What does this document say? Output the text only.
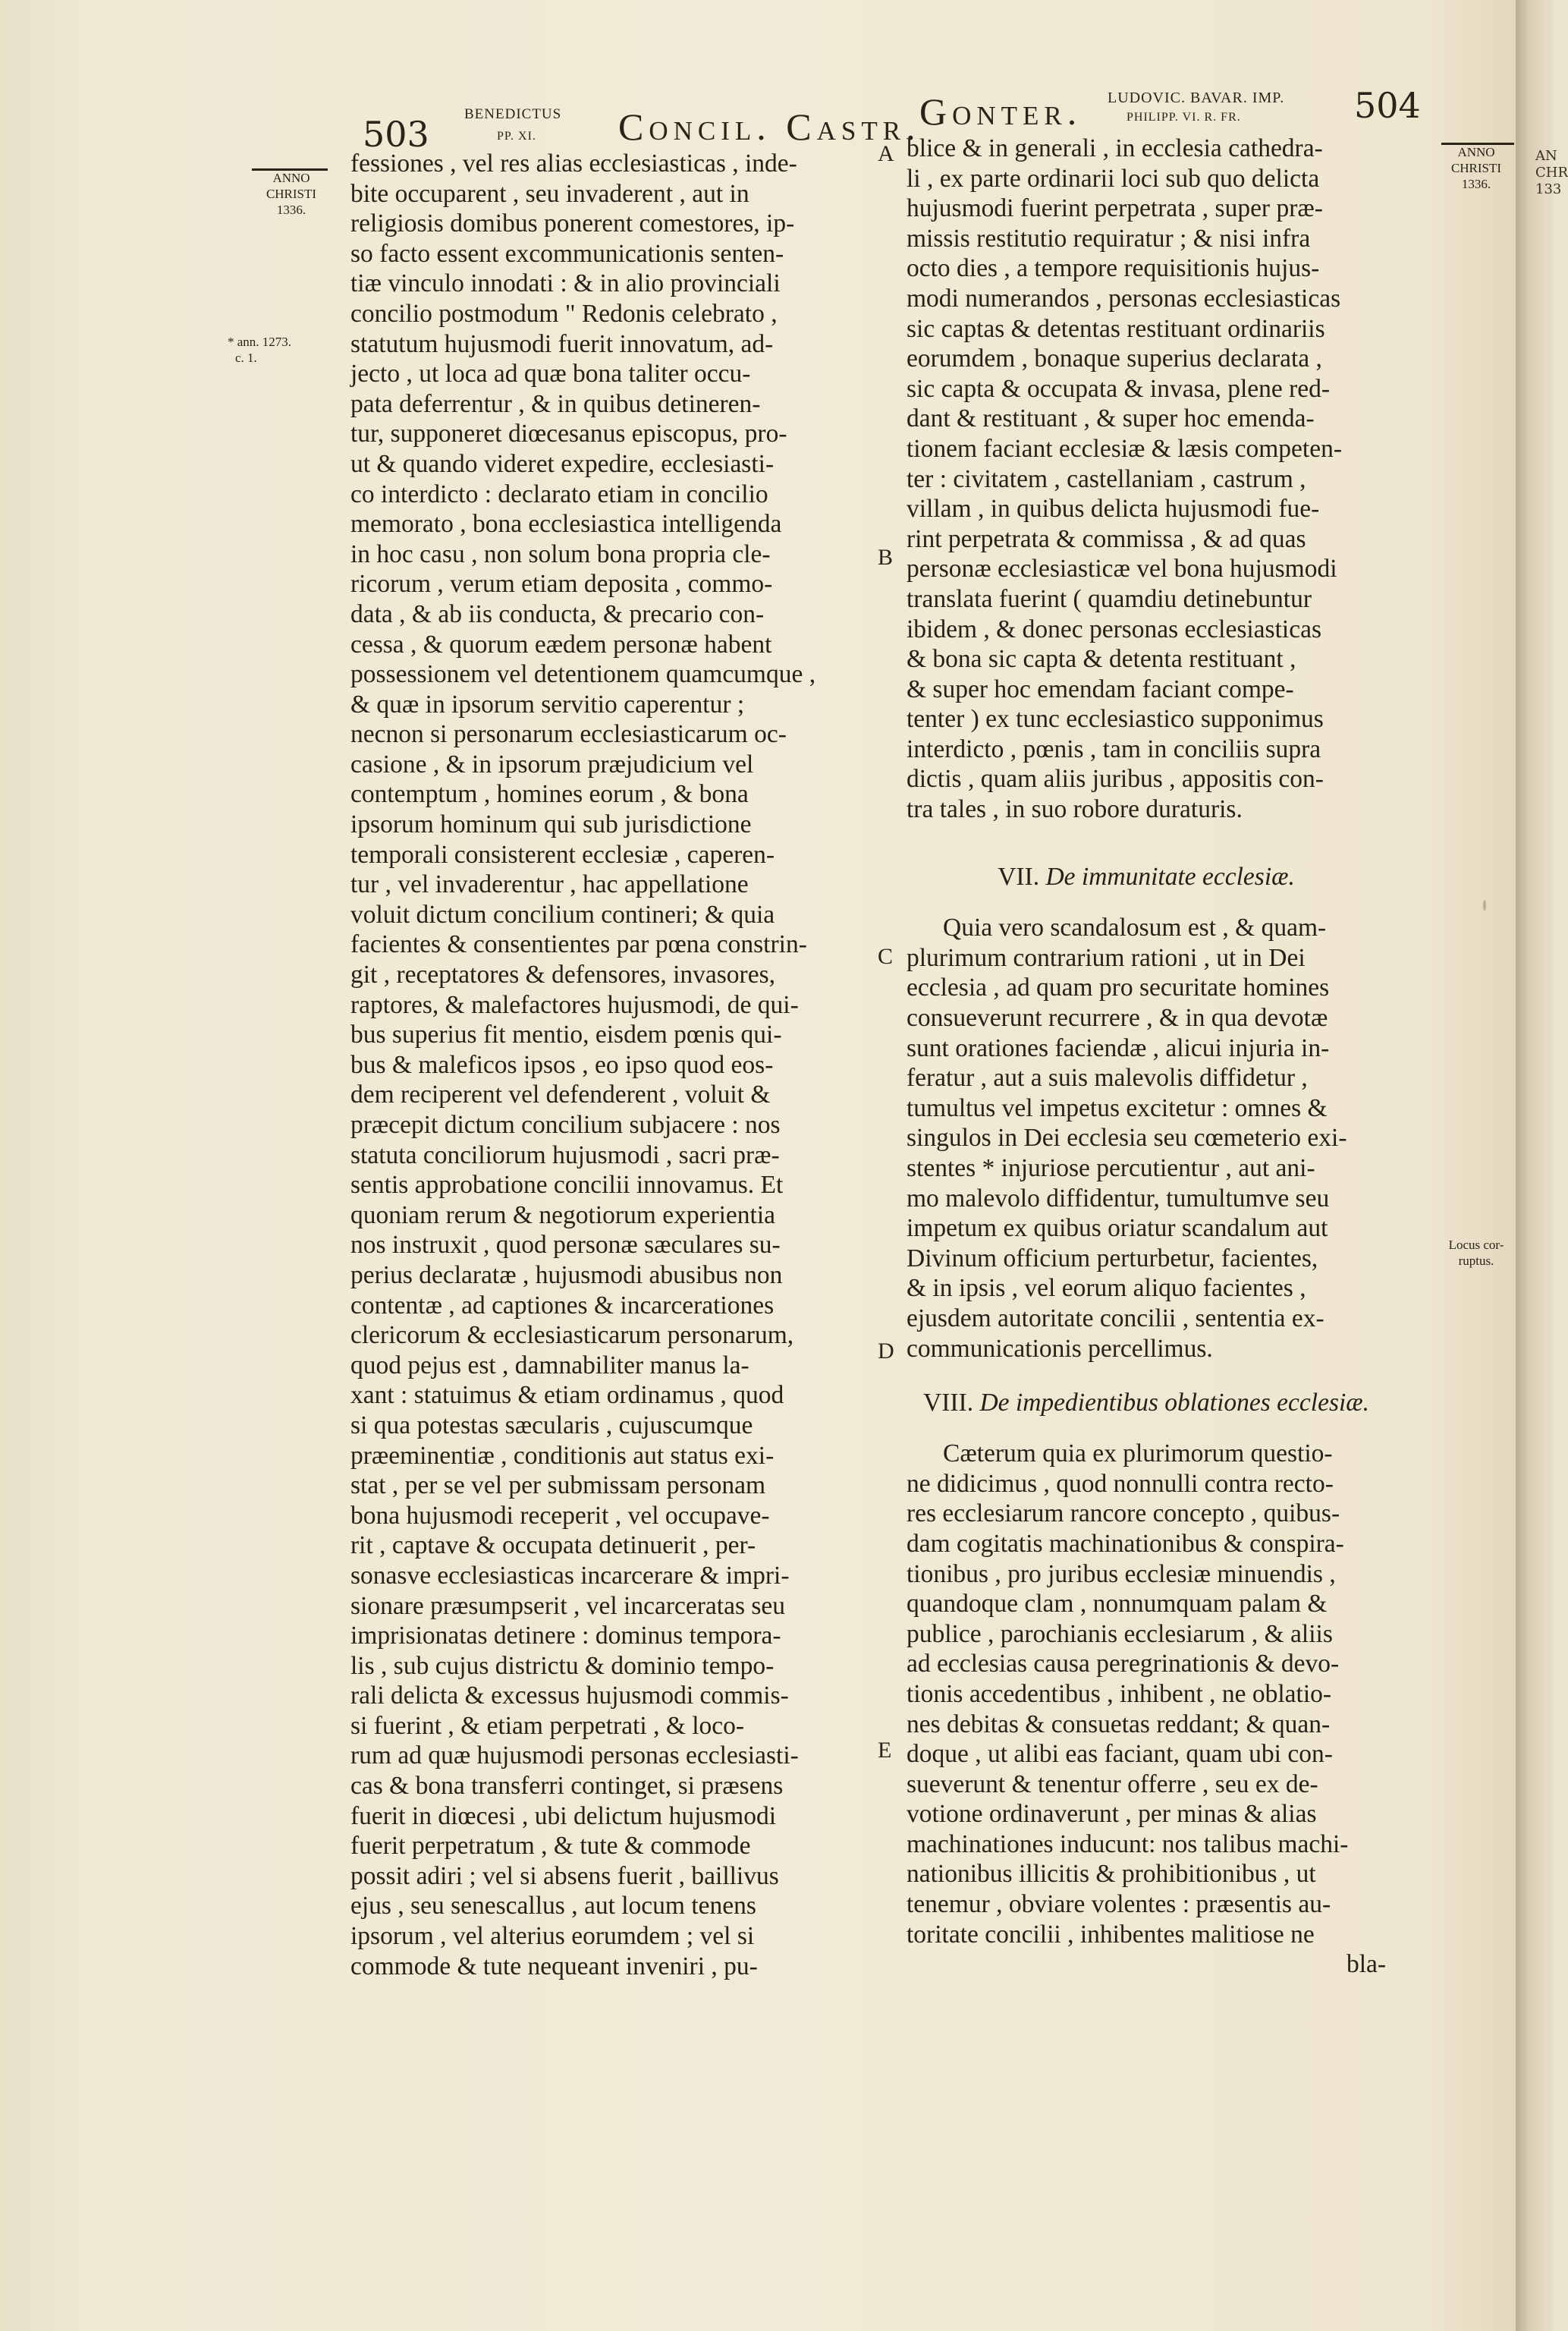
503 BENEDICTUS
PP. XI. Concil. Castr.
Gonter. LUDOVIC. BAVAR. IMP.
PHILIPP. VI. R. FR.	504
ANNO
CHRISTI
1336.
* ann. 1273.
c. 1.
ANNO
CHRISTI
1336.
Locus cor-
ruptus.
A
B
C
D
E
fessiones , vel res alias ecclesiasticas , inde-
bite occuparent , seu invaderent , aut in
religiosis domibus ponerent comestores, ip-
so facto essent excommunicationis senten-
tiæ vinculo innodati : & in alio provinciali
concilio postmodum " Redonis celebrato ,
statutum hujusmodi fuerit innovatum, ad-
jecto , ut loca ad quæ bona taliter occu-
pata deferrentur , & in quibus detineren-
tur, supponeret diœcesanus episcopus, pro-
ut & quando videret expedire, ecclesiasti-
co interdicto : declarato etiam in concilio
memorato , bona ecclesiastica intelligenda
in hoc casu , non solum bona propria cle-
ricorum , verum etiam deposita , commo-
data , & ab iis conducta, & precario con-
cessa , & quorum eædem personæ habent
possessionem vel detentionem quamcumque ,
& quæ in ipsorum servitio caperentur ;
necnon si personarum ecclesiasticarum oc-
casione , & in ipsorum præjudicium vel
contemptum , homines eorum , & bona
ipsorum hominum qui sub jurisdictione
temporali consisterent ecclesiæ , caperen-
tur , vel invaderentur , hac appellatione
voluit dictum concilium contineri; & quia
facientes & consentientes par pœna constrin-
git , receptatores & defensores, invasores,
raptores, & malefactores hujusmodi, de qui-
bus superius fit mentio, eisdem pœnis qui-
bus & maleficos ipsos , eo ipso quod eos-
dem reciperent vel defenderent , voluit &
præcepit dictum concilium subjacere : nos
statuta conciliorum hujusmodi , sacri præ-
sentis approbatione concilii innovamus. Et
quoniam rerum & negotiorum experientia
nos instruxit , quod personæ sæculares su-
perius declaratæ , hujusmodi abusibus non
contentæ , ad captiones & incarcerationes
clericorum & ecclesiasticarum personarum,
quod pejus est , damnabiliter manus la-
xant : statuimus & etiam ordinamus , quod
si qua potestas sæcularis , cujuscumque
præeminentiæ , conditionis aut status exi-
stat , per se vel per submissam personam
bona hujusmodi receperit , vel occupave-
rit , captave & occupata detinuerit , per-
sonasve ecclesiasticas incarcerare & impri-
sionare præsumpserit , vel incarceratas seu
imprisionatas detinere : dominus tempora-
lis , sub cujus districtu & dominio tempo-
rali delicta & excessus hujusmodi commis-
si fuerint , & etiam perpetrati , & loco-
rum ad quæ hujusmodi personas ecclesiasti-
cas & bona transferri continget, si præsens
fuerit in diœcesi , ubi delictum hujusmodi
fuerit perpetratum , & tute & commode
possit adiri ; vel si absens fuerit , baillivus
ejus , seu senescallus , aut locum tenens
ipsorum , vel alterius eorumdem ; vel si
commode & tute nequeant inveniri , pu-
blice & in generali , in ecclesia cathedra-
li , ex parte ordinarii loci sub quo delicta
hujusmodi fuerint perpetrata , super præ-
missis restitutio requiratur ; & nisi infra
octo dies , a tempore requisitionis hujus-
modi numerandos , personas ecclesiasticas
sic captas & detentas restituant ordinariis
eorumdem , bonaque superius declarata ,
sic capta & occupata & invasa, plene red-
dant & restituant , & super hoc emenda-
tionem faciant ecclesiæ & læsis competen-
ter : civitatem , castellaniam , castrum ,
villam , in quibus delicta hujusmodi fue-
rint perpetrata & commissa , & ad quas
personæ ecclesiasticæ vel bona hujusmodi
translata fuerint ( quamdiu detinebuntur
ibidem , & donec personas ecclesiasticas
& bona sic capta & detenta restituant ,
& super hoc emendam faciant compe-
tenter ) ex tunc ecclesiastico supponimus
interdicto , pœnis , tam in conciliis supra
dictis , quam aliis juribus , appositis con-
tra tales , in suo robore duraturis.
VII. De immunitate ecclesiæ.
Quia vero scandalosum est , & quam-
plurimum contrarium rationi , ut in Dei
ecclesia , ad quam pro securitate homines
consueverunt recurrere , & in qua devotæ
sunt orationes faciendæ , alicui injuria in-
feratur , aut a suis malevolis diffidetur ,
tumultus vel impetus excitetur : omnes &
singulos in Dei ecclesia seu cœmeterio exi-
stentes * injuriose percutientur , aut ani-
mo malevolo diffidentur, tumultumve seu
impetum ex quibus oriatur scandalum aut
Divinum officium perturbetur, facientes,
& in ipsis , vel eorum aliquo facientes ,
ejusdem autoritate concilii , sententia ex-
communicationis percellimus.
VIII. De impedientibus oblationes ecclesiæ.
Cæterum quia ex plurimorum questio-
ne didicimus , quod nonnulli contra recto-
res ecclesiarum rancore concepto , quibus-
dam cogitatis machinationibus & conspira-
tionibus , pro juribus ecclesiæ minuendis ,
quandoque clam , nonnumquam palam &
publice , parochianis ecclesiarum , & aliis
ad ecclesias causa peregrinationis & devo-
tionis accedentibus , inhibent , ne oblatio-
nes debitas & consuetas reddant; & quan-
doque , ut alibi eas faciant, quam ubi con-
sueverunt & tenentur offerre , seu ex de-
votione ordinaverunt , per minas & alias
machinationes inducunt: nos talibus machi-
nationibus illicitis & prohibitionibus , ut
tenemur , obviare volentes : præsentis au-
toritate concilii , inhibentes malitiose ne
bla-
AN
CHR
133
